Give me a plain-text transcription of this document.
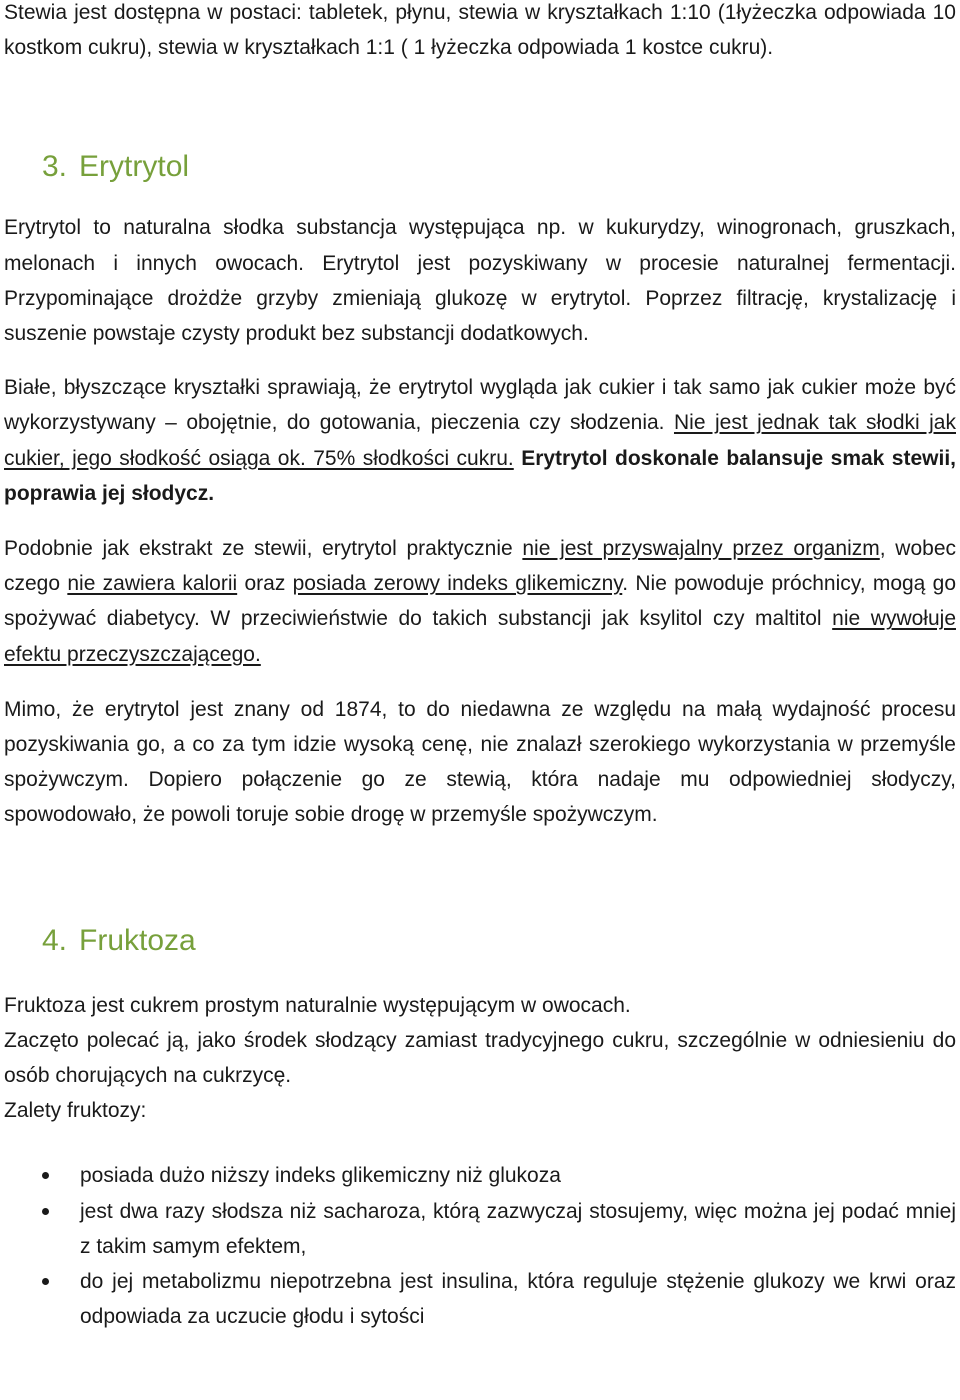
Stewia jest dostępna w postaci: tabletek, płynu, stewia w kryształkach 1:10 (1łyżeczka odpowiada 10 kostkom cukru), stewia w kryształkach 1:1 ( 1 łyżeczka odpowiada 1 kostce cukru).

3. Erytrytol

Erytrytol to naturalna słodka substancja występująca np. w kukurydzy, winogronach, gruszkach, melonach i innych owocach. Erytrytol jest pozyskiwany w procesie naturalnej fermentacji. Przypominające drożdże grzyby zmieniają glukozę w erytrytol. Poprzez filtrację, krystalizację i suszenie powstaje czysty produkt bez substancji dodatkowych.

Białe, błyszczące kryształki sprawiają, że erytrytol wygląda jak cukier i tak samo jak cukier może być wykorzystywany – obojętnie, do gotowania, pieczenia czy słodzenia. Nie jest jednak tak słodki jak cukier, jego słodkość osiąga ok. 75% słodkości cukru. Erytrytol doskonale balansuje smak stewii, poprawia jej słodycz.

Podobnie jak ekstrakt ze stewii, erytrytol praktycznie nie jest przyswajalny przez organizm, wobec czego nie zawiera kalorii oraz posiada zerowy indeks glikemiczny. Nie powoduje próchnicy, mogą go spożywać diabetycy. W przeciwieństwie do takich substancji jak ksylitol czy maltitol nie wywołuje efektu przeczyszczającego.

Mimo, że erytrytol jest znany od 1874, to do niedawna ze względu na małą wydajność procesu pozyskiwania go, a co za tym idzie wysoką cenę, nie znalazł szerokiego wykorzystania w przemyśle spożywczym. Dopiero połączenie go ze stewią, która nadaje mu odpowiedniej słodyczy, spowodowało, że powoli toruje sobie drogę w przemyśle spożywczym.

4. Fruktoza

Fruktoza jest cukrem prostym naturalnie występującym w owocach.

Zaczęto polecać ją, jako środek słodzący zamiast tradycyjnego cukru, szczególnie w odniesieniu do osób chorujących na cukrzycę.

Zalety fruktozy:

posiada dużo niższy indeks glikemiczny niż glukoza
jest dwa razy słodsza niż sacharoza, którą zazwyczaj stosujemy, więc można jej podać mniej z takim samym efektem,
do jej metabolizmu niepotrzebna jest insulina, która reguluje stężenie glukozy we krwi oraz odpowiada za uczucie głodu i sytości
